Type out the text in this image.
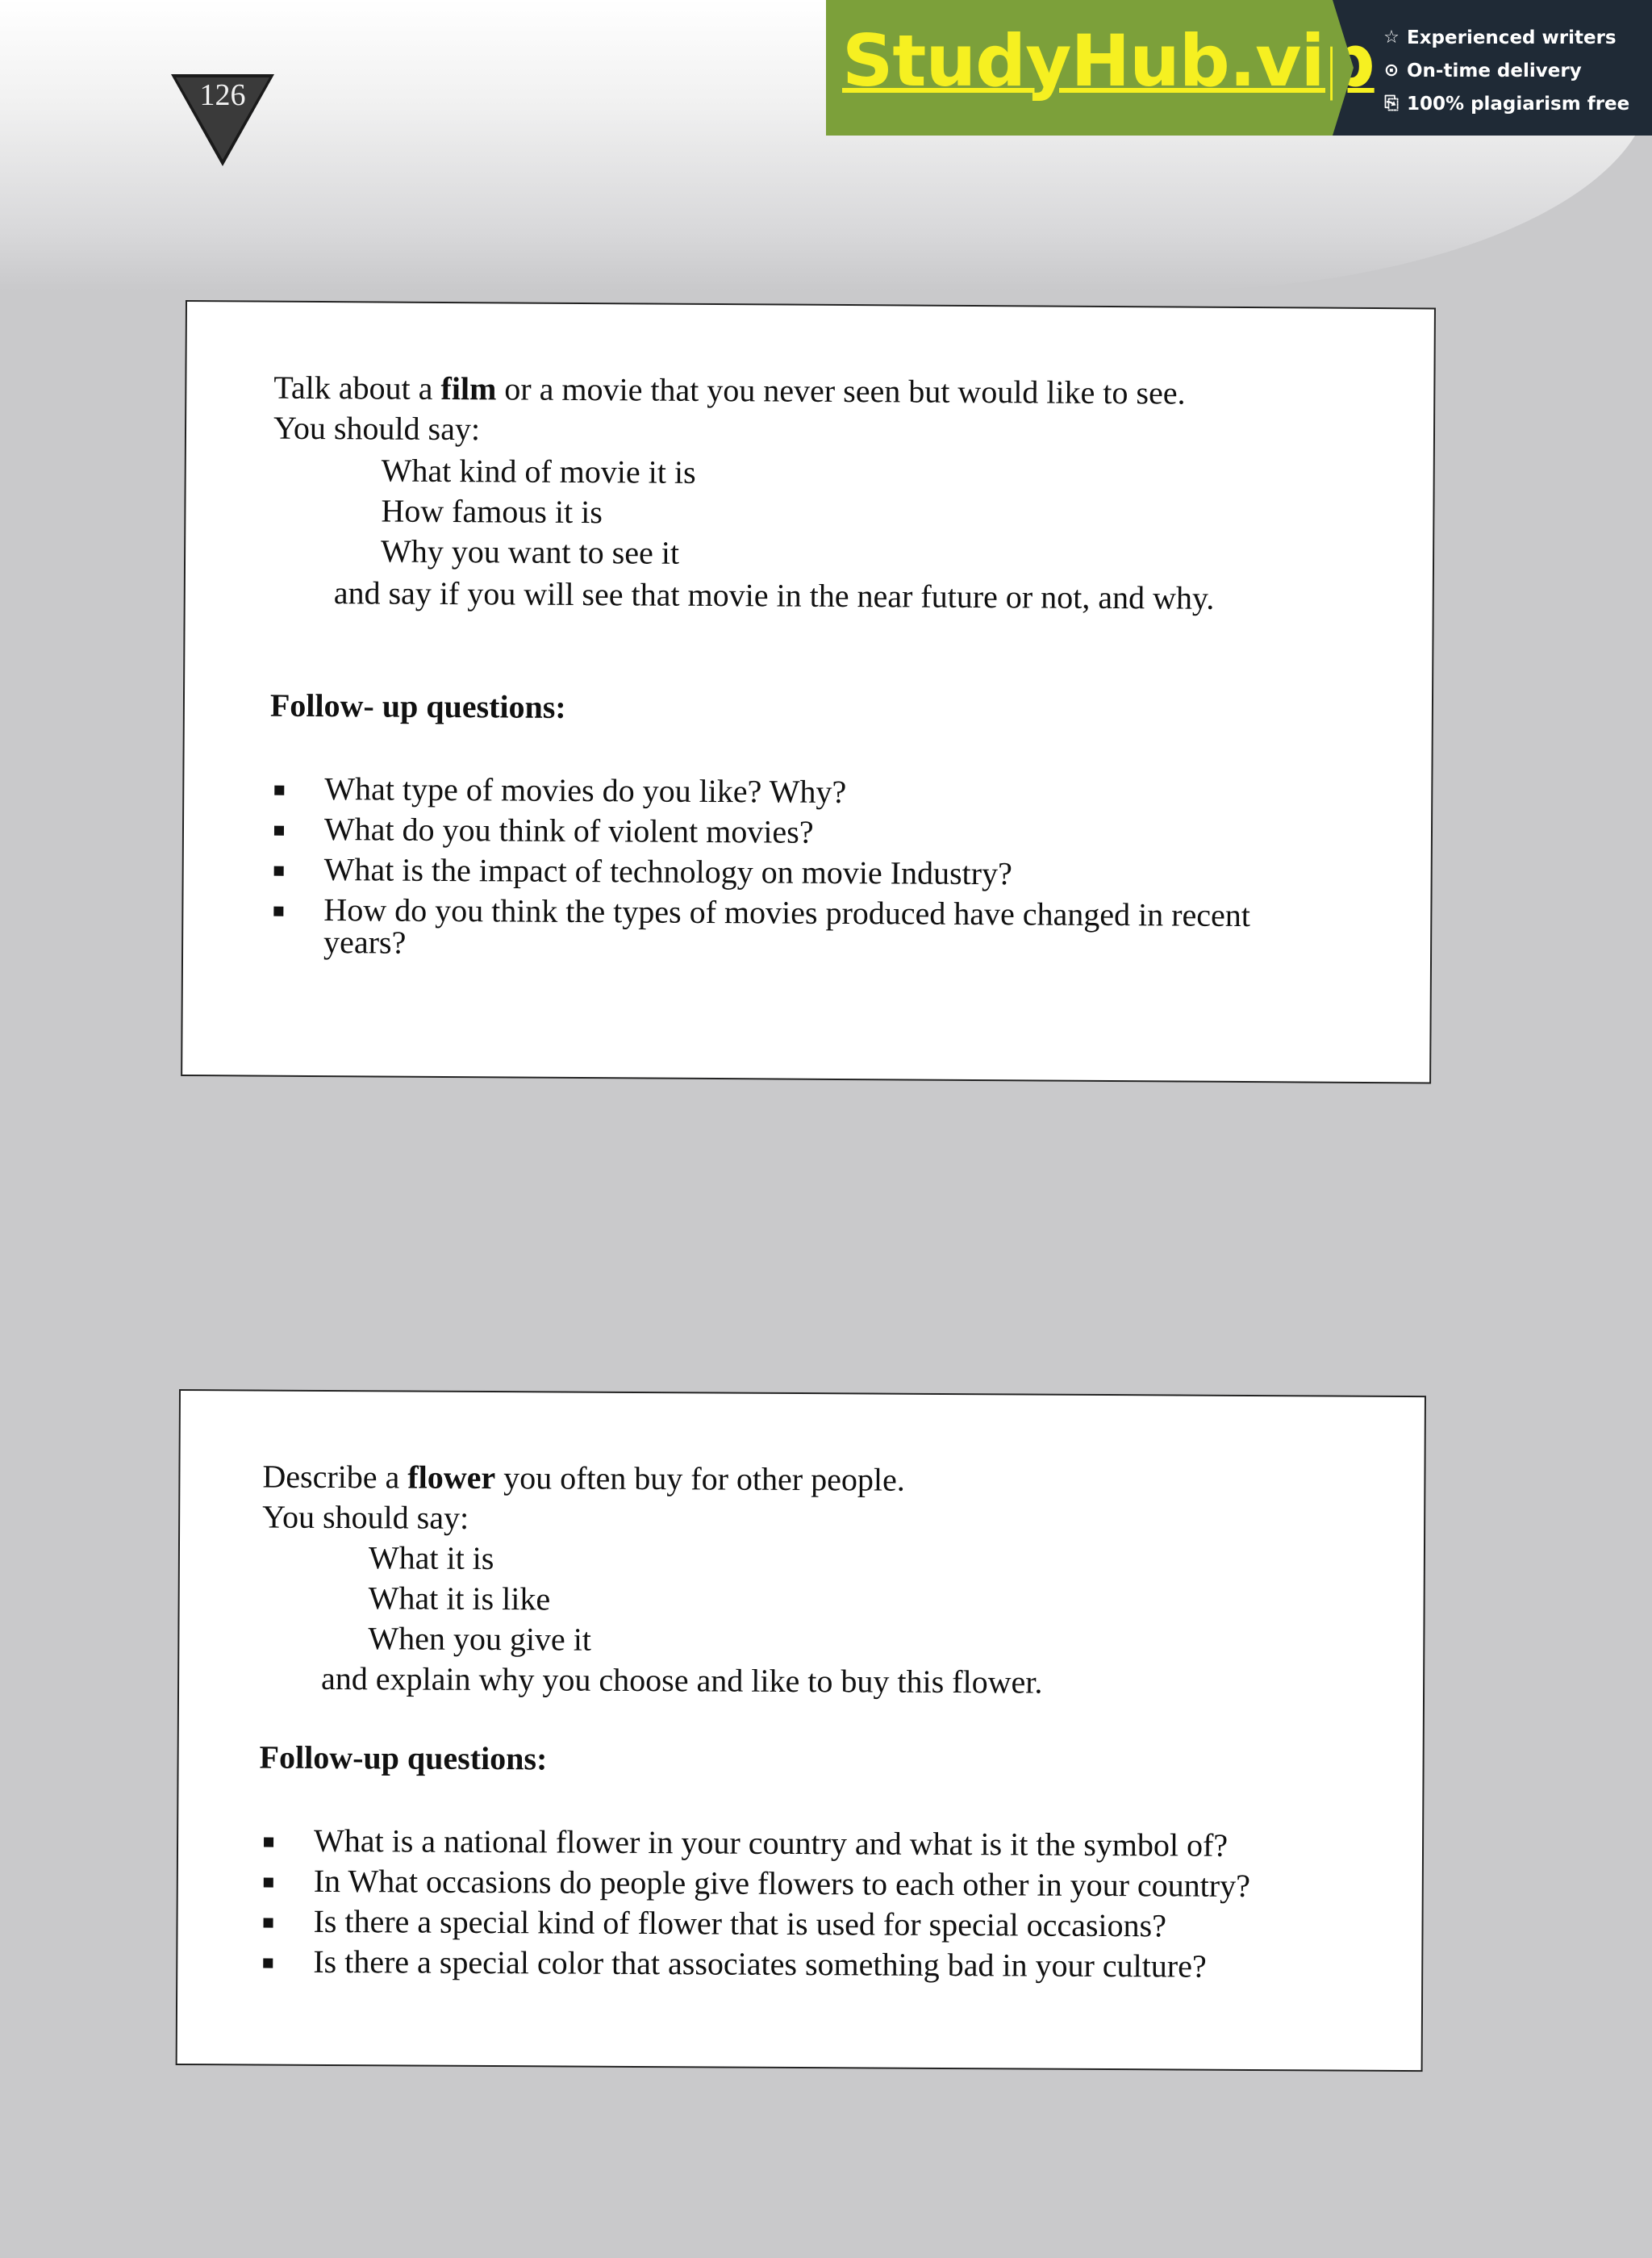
126	StudyHub.vip ☆ Experienced writers
⊙ On-time delivery
⎘ 100% plagiarism free
Talk about a film or a movie that you never seen but would like to see.
You should say:
What kind of movie it is
How famous it is
Why you want to see it
and say if you will see that movie in the near future or not, and why.
Follow- up questions:
What type of movies do you like? Why?
What do you think of violent movies?
What is the impact of technology on movie Industry?
How do you think the types of movies produced have changed in recent
years?
Describe a flower you often buy for other people.
You should say:
What it is
What it is like
When you give it
and explain why you choose and like to buy this flower.
Follow-up questions:
What is a national flower in your country and what is it the symbol of?
In What occasions do people give flowers to each other in your country?
Is there a special kind of flower that is used for special occasions?
Is there a special color that associates something bad in your culture?
